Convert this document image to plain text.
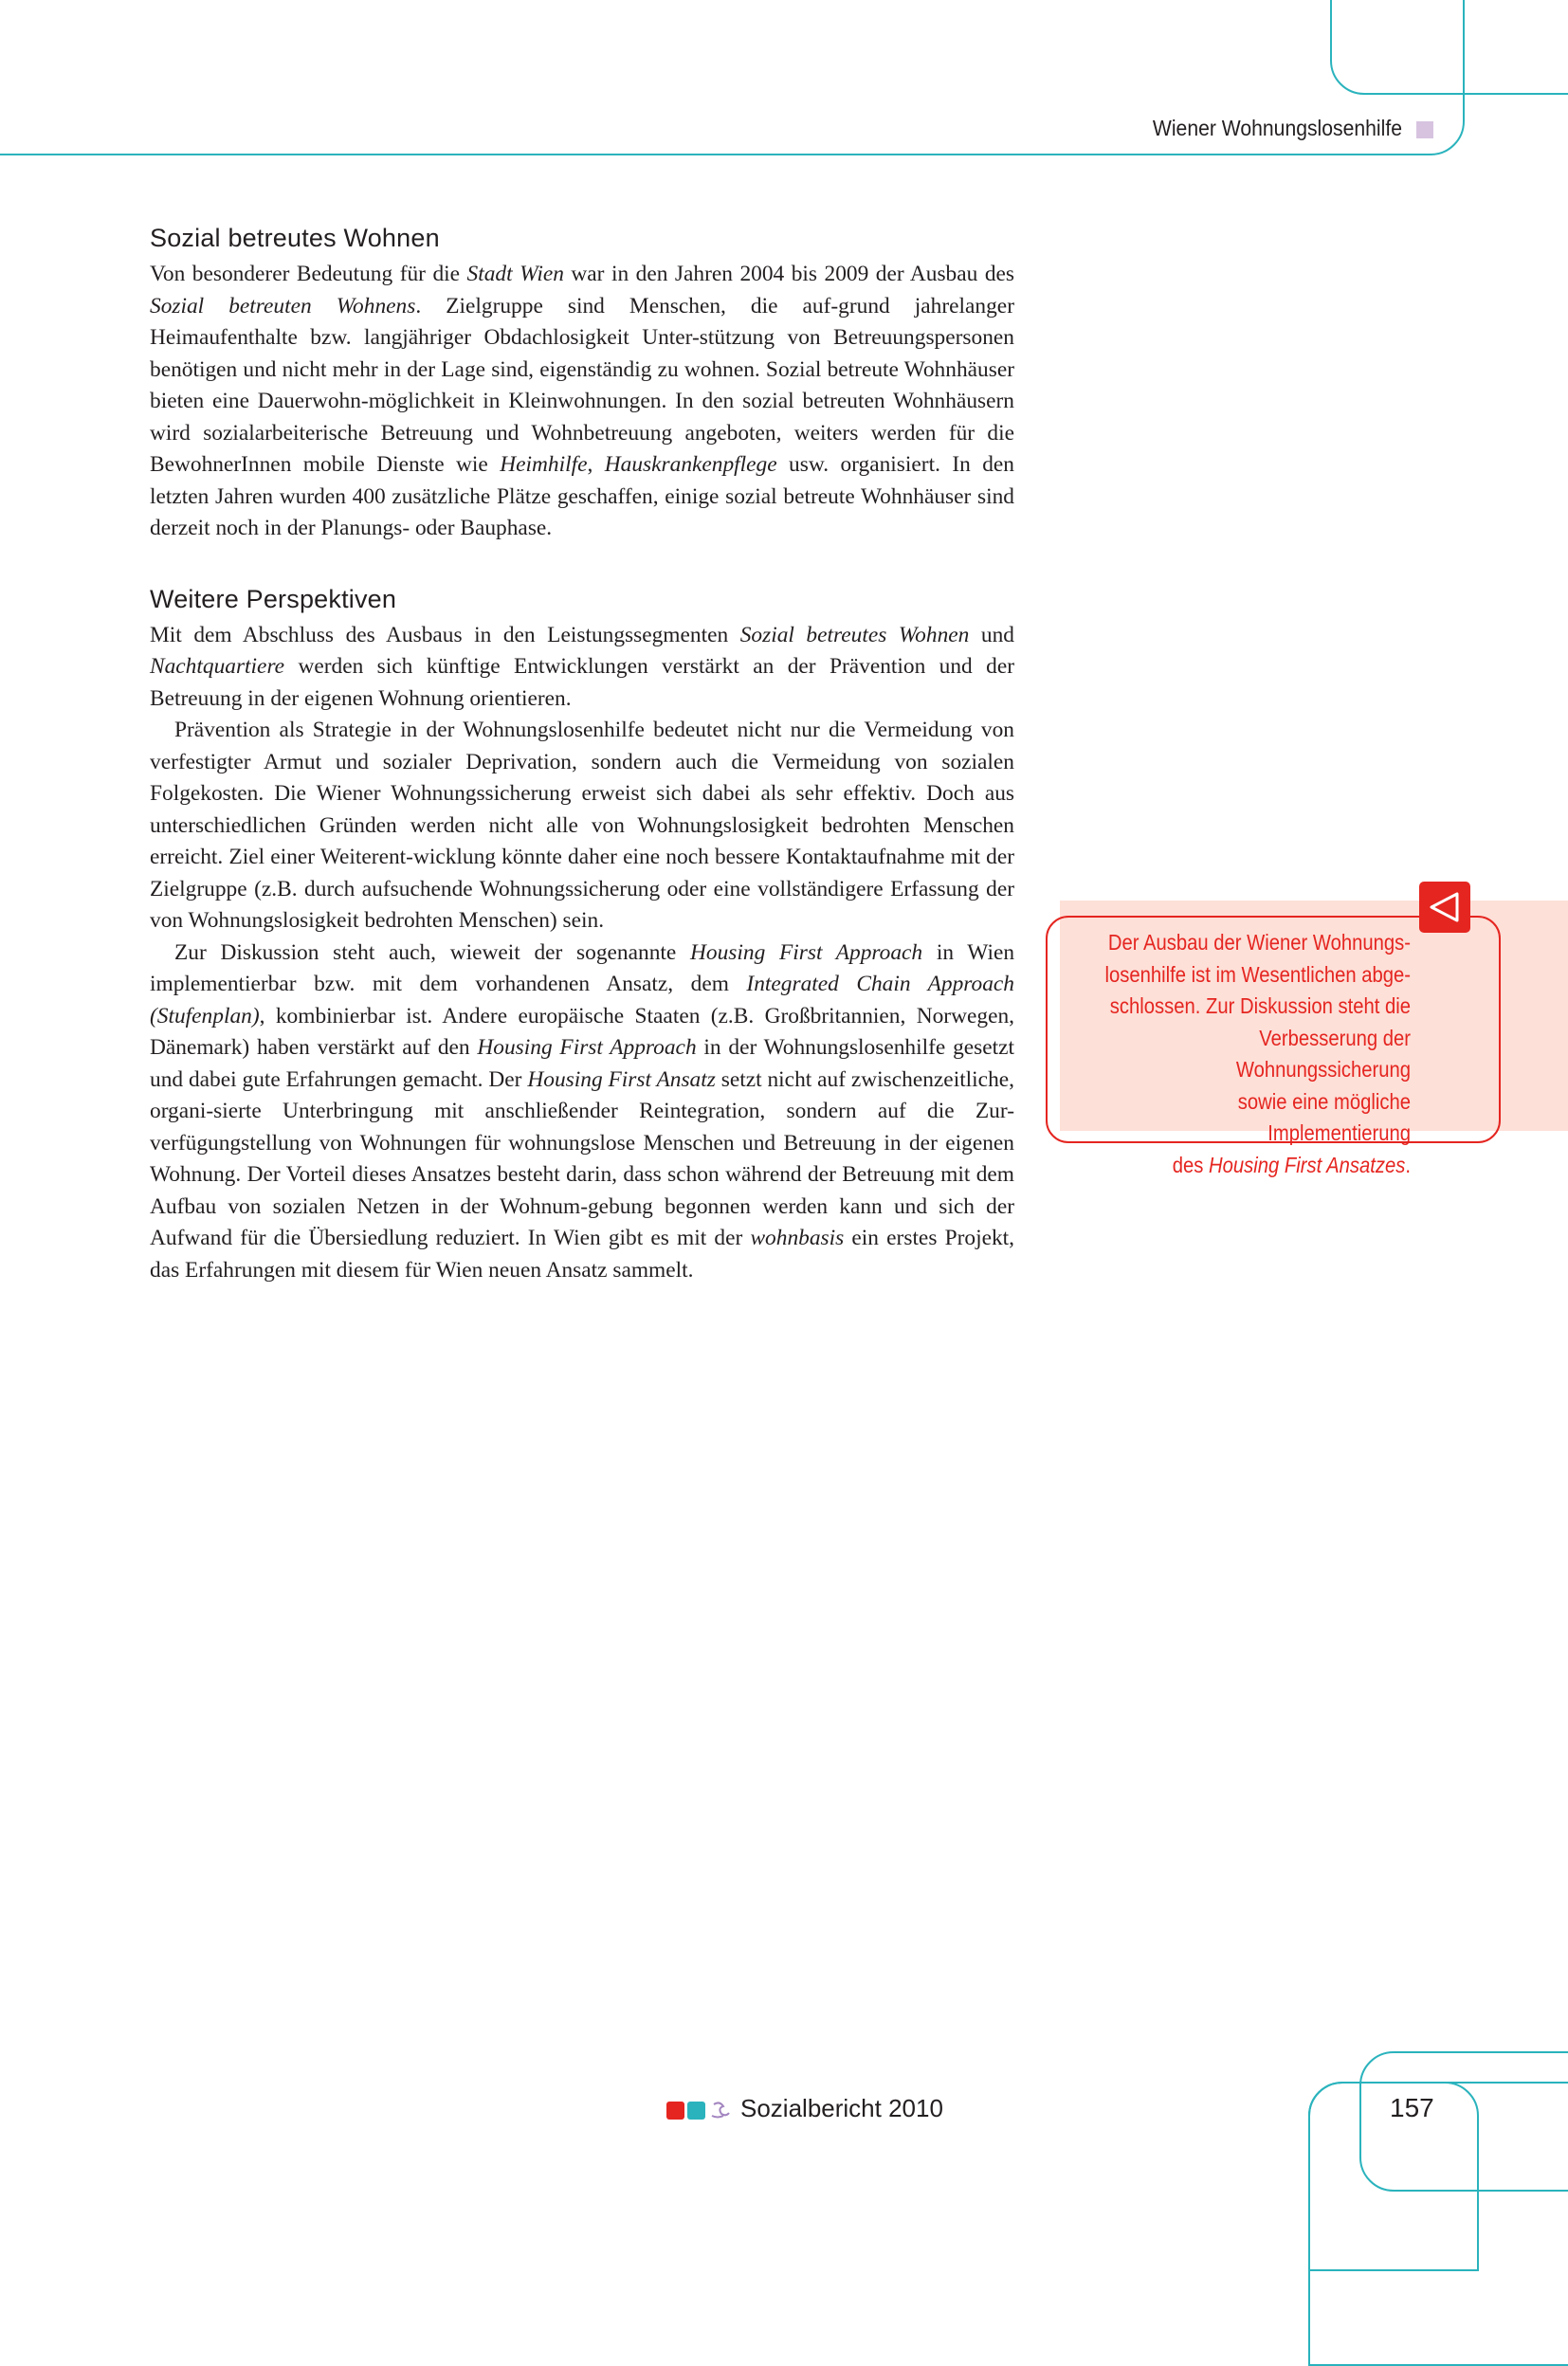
Wiener Wohnungslosenhilfe
Sozial betreutes Wohnen

Von besonderer Bedeutung für die Stadt Wien war in den Jahren 2004 bis 2009 der Ausbau des Sozial betreuten Wohnens. Zielgruppe sind Menschen, die auf-grund jahrelanger Heimaufenthalte bzw. langjähriger Obdachlosigkeit Unter-stützung von Betreuungspersonen benötigen und nicht mehr in der Lage sind, eigenständig zu wohnen. Sozial betreute Wohnhäuser bieten eine Dauerwohn-möglichkeit in Kleinwohnungen. In den sozial betreuten Wohnhäusern wird sozialarbeiterische Betreuung und Wohnbetreuung angeboten, weiters werden für die BewohnerInnen mobile Dienste wie Heimhilfe, Hauskrankenpflege usw. organisiert. In den letzten Jahren wurden 400 zusätzliche Plätze geschaffen, einige sozial betreute Wohnhäuser sind derzeit noch in der Planungs- oder Bauphase.

Weitere Perspektiven

Mit dem Abschluss des Ausbaus in den Leistungssegmenten Sozial betreutes Wohnen und Nachtquartiere werden sich künftige Entwicklungen verstärkt an der Prävention und der Betreuung in der eigenen Wohnung orientieren.

Prävention als Strategie in der Wohnungslosenhilfe bedeutet nicht nur die Vermeidung von verfestigter Armut und sozialer Deprivation, sondern auch die Vermeidung von sozialen Folgekosten. Die Wiener Wohnungssicherung erweist sich dabei als sehr effektiv. Doch aus unterschiedlichen Gründen werden nicht alle von Wohnungslosigkeit bedrohten Menschen erreicht. Ziel einer Weiterent-wicklung könnte daher eine noch bessere Kontaktaufnahme mit der Zielgruppe (z.B. durch aufsuchende Wohnungssicherung oder eine vollständigere Erfassung der von Wohnungslosigkeit bedrohten Menschen) sein.

Zur Diskussion steht auch, wieweit der sogenannte Housing First Approach in Wien implementierbar bzw. mit dem vorhandenen Ansatz, dem Integrated Chain Approach (Stufenplan), kombinierbar ist. Andere europäische Staaten (z.B. Großbritannien, Norwegen, Dänemark) haben verstärkt auf den Housing First Approach in der Wohnungslosenhilfe gesetzt und dabei gute Erfahrungen gemacht. Der Housing First Ansatz setzt nicht auf zwischenzeitliche, organi-sierte Unterbringung mit anschließender Reintegration, sondern auf die Zur-verfügungstellung von Wohnungen für wohnungslose Menschen und Betreuung in der eigenen Wohnung. Der Vorteil dieses Ansatzes besteht darin, dass schon während der Betreuung mit dem Aufbau von sozialen Netzen in der Wohnum-gebung begonnen werden kann und sich der Aufwand für die Übersiedlung reduziert. In Wien gibt es mit der wohnbasis ein erstes Projekt, das Erfahrungen mit diesem für Wien neuen Ansatz sammelt.

Der Ausbau der Wiener Wohnungs-
losenhilfe ist im Wesentlichen abge-
schlossen. Zur Diskussion steht die
Verbesserung der Wohnungssicherung
sowie eine mögliche Implementierung
des Housing First Ansatzes.
Sozialbericht 2010	157
